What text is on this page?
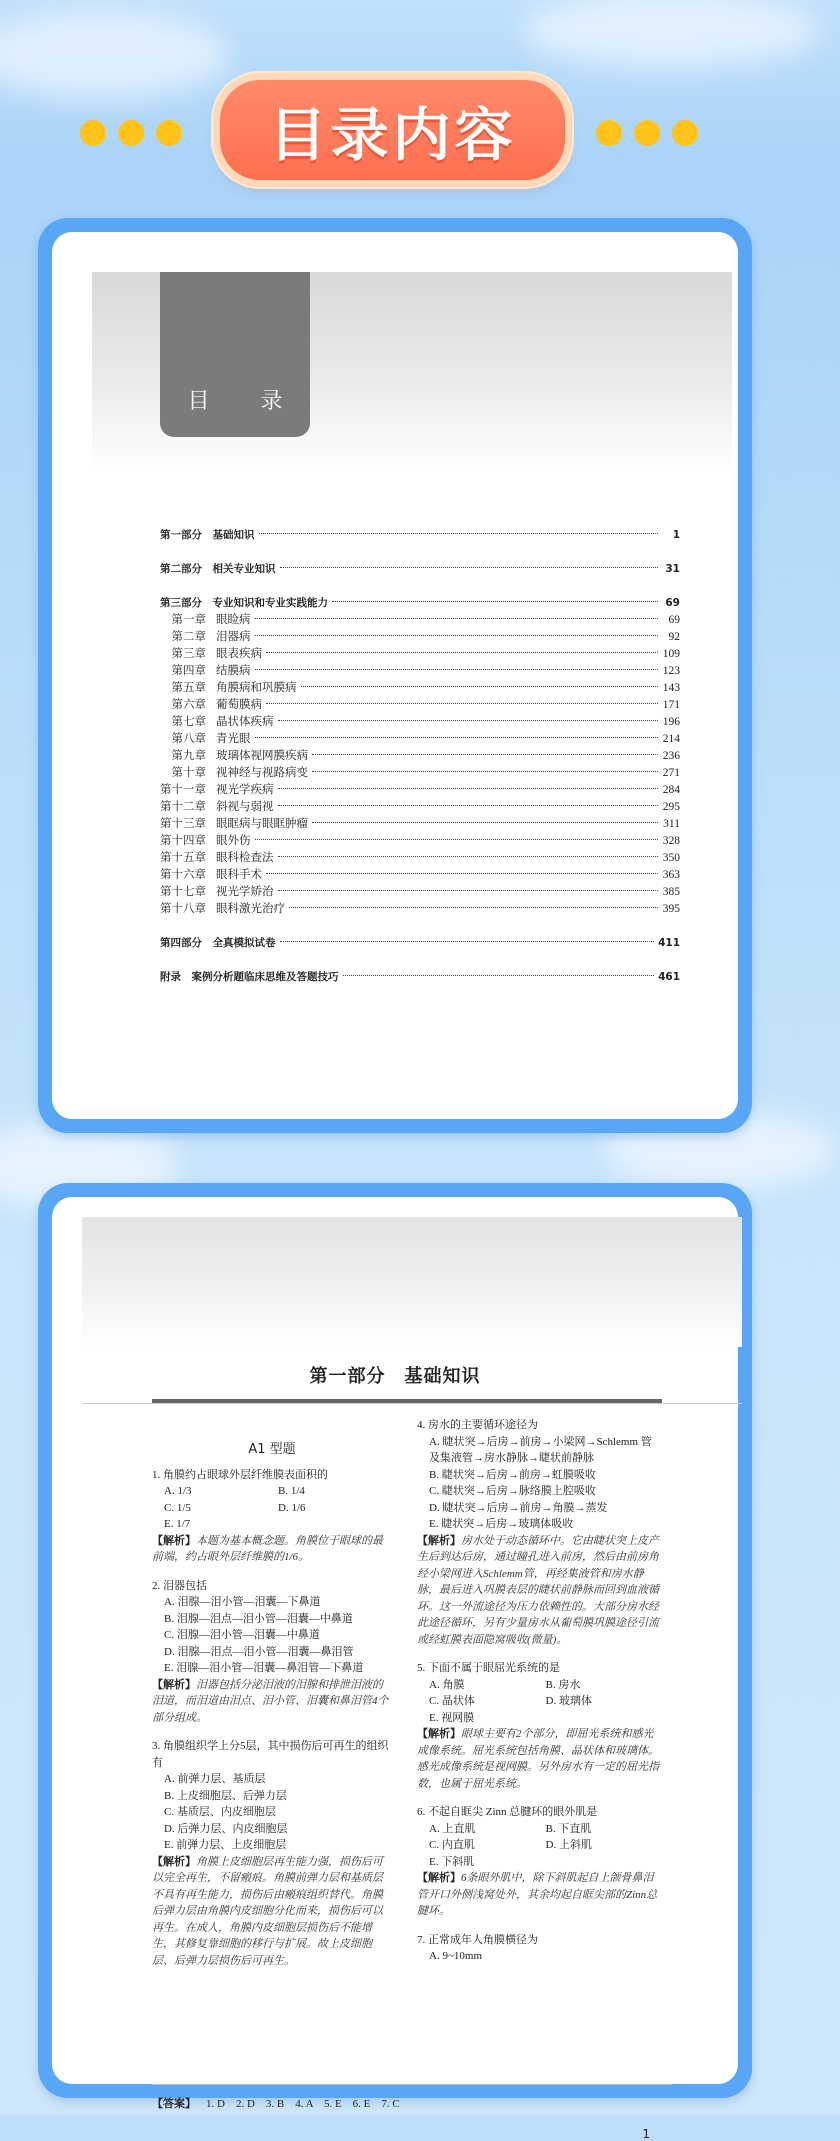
目录内容
目 录
第一部分　基础知识	1
第二部分　相关专业知识	31
第三部分　专业知识和专业实践能力	69
第一章 眼睑病	69
第二章 泪器病	92
第三章 眼表疾病	109
第四章 结膜病	123
第五章 角膜病和巩膜病	143
第六章 葡萄膜病	171
第七章 晶状体疾病	196
第八章 青光眼	214
第九章 玻璃体视网膜疾病	236
第十章 视神经与视路病变	271
第十一章 视光学疾病	284
第十二章 斜视与弱视	295
第十三章 眼眶病与眼眶肿瘤	311
第十四章 眼外伤	328
第十五章 眼科检查法	350
第十六章 眼科手术	363
第十七章 视光学矫治	385
第十八章 眼科激光治疗	395
第四部分　全真模拟试卷	411
附录　案例分析题临床思维及答题技巧	461
第一部分　基础知识
A1 型题
1. 角膜约占眼球外层纤维膜表面积的
A. 1/3	B. 1/4
C. 1/5	D. 1/6
E. 1/7
【解析】本题为基本概念题。角膜位于眼球的最前端，约占眼外层纤维膜的1/6。
2. 泪器包括
A. 泪腺—泪小管—泪囊—下鼻道
B. 泪腺—泪点—泪小管—泪囊—中鼻道
C. 泪腺—泪小管—泪囊—中鼻道
D. 泪腺—泪点—泪小管—泪囊—鼻泪管
E. 泪腺—泪小管—泪囊—鼻泪管—下鼻道
【解析】泪器包括分泌泪液的泪腺和排泄泪液的泪道，而泪道由泪点、泪小管、泪囊和鼻泪管4个部分组成。
3. 角膜组织学上分5层，其中损伤后可再生的组织有
A. 前弹力层、基质层
B. 上皮细胞层、后弹力层
C. 基质层、内皮细胞层
D. 后弹力层、内皮细胞层
E. 前弹力层、上皮细胞层
【解析】角膜上皮细胞层再生能力强，损伤后可以完全再生，不留瘢痕。角膜前弹力层和基质层不具有再生能力，损伤后由瘢痕组织替代。角膜后弹力层由角膜内皮细胞分化而来，损伤后可以再生。在成人，角膜内皮细胞层损伤后不能增生，其修复靠细胞的移行与扩展。故上皮细胞层、后弹力层损伤后可再生。
4. 房水的主要循环途径为
A. 睫状突→后房→前房→小梁网→Schlemm 管及集液管→房水静脉→睫状前静脉
B. 睫状突→后房→前房→虹膜吸收
C. 睫状突→后房→脉络膜上腔吸收
D. 睫状突→后房→前房→角膜→蒸发
E. 睫状突→后房→玻璃体吸收
【解析】房水处于动态循环中。它由睫状突上皮产生后到达后房，通过瞳孔进入前房，然后由前房角经小梁网进入Schlemm管，再经集液管和房水静脉，最后进入巩膜表层的睫状前静脉而回到血液循环。这一外流途径为压力依赖性的。大部分房水经此途径循环，另有少量房水从葡萄膜巩膜途径引流或经虹膜表面隐窝吸收(微量)。
5. 下面不属于眼屈光系统的是
A. 角膜	B. 房水
C. 晶状体	D. 玻璃体
E. 视网膜
【解析】眼球主要有2个部分，即屈光系统和感光成像系统。屈光系统包括角膜、晶状体和玻璃体。感光成像系统是视网膜。另外房水有一定的屈光指数，也属于屈光系统。
6. 不起自眶尖 Zinn 总腱环的眼外肌是
A. 上直肌	B. 下直肌
C. 内直肌	D. 上斜肌
E. 下斜肌
【解析】6条眼外肌中，除下斜肌起自上颌骨鼻泪管开口外侧浅窝处外，其余均起自眶尖部的Zinn总腱环。
7. 正常成年人角膜横径为
A. 9~10mm
【答案】 1. D　2. D　3. B　4. A　5. E　6. E　7. C
1
